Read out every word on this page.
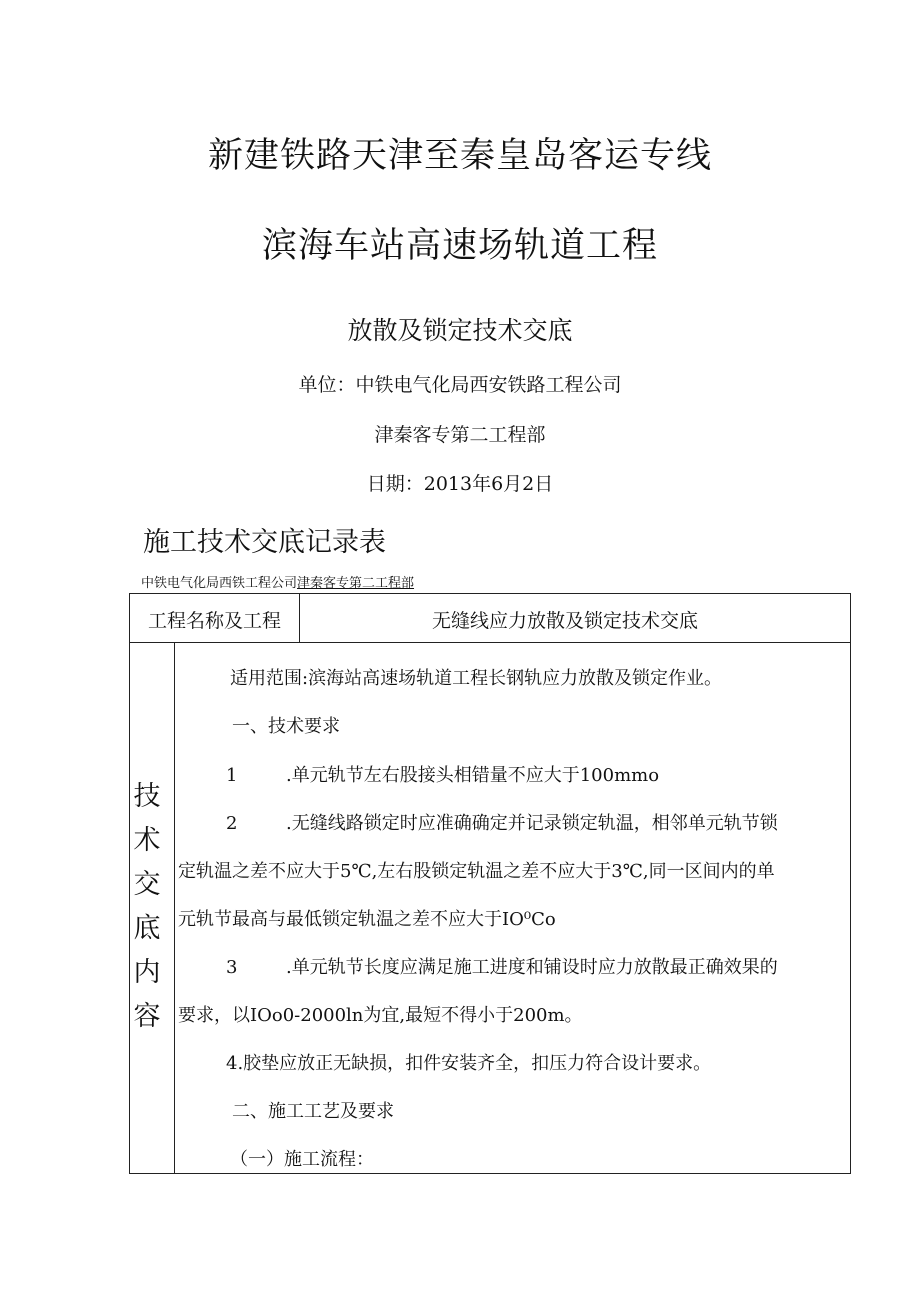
新建铁路天津至秦皇岛客运专线
滨海车站高速场轨道工程
放散及锁定技术交底
单位：中铁电气化局西安铁路工程公司
津秦客专第二工程部
日期：2013年6月2日
施工技术交底记录表
中铁电气化局西铁工程公司津秦客专第二工程部
工程名称及工程	无缝线应力放散及锁定技术交底
技
术
交
底
内
容
适用范围:滨海站高速场轨道工程长钢轨应力放散及锁定作业。
一、技术要求
1	.单元轨节左右股接头相错量不应大于100mmo
2	.无缝线路锁定时应准确确定并记录锁定轨温，相邻单元轨节锁
定轨温之差不应大于5℃,左右股锁定轨温之差不应大于3℃,同一区间内的单
元轨节最高与最低锁定轨温之差不应大于IO⁰Co
3	.单元轨节长度应满足施工进度和铺设时应力放散最正确效果的
要求，以IOo0-2000ln为宜,最短不得小于200m。
4.胶垫应放正无缺损，扣件安装齐全，扣压力符合设计要求。
二、施工工艺及要求
（一）施工流程：
